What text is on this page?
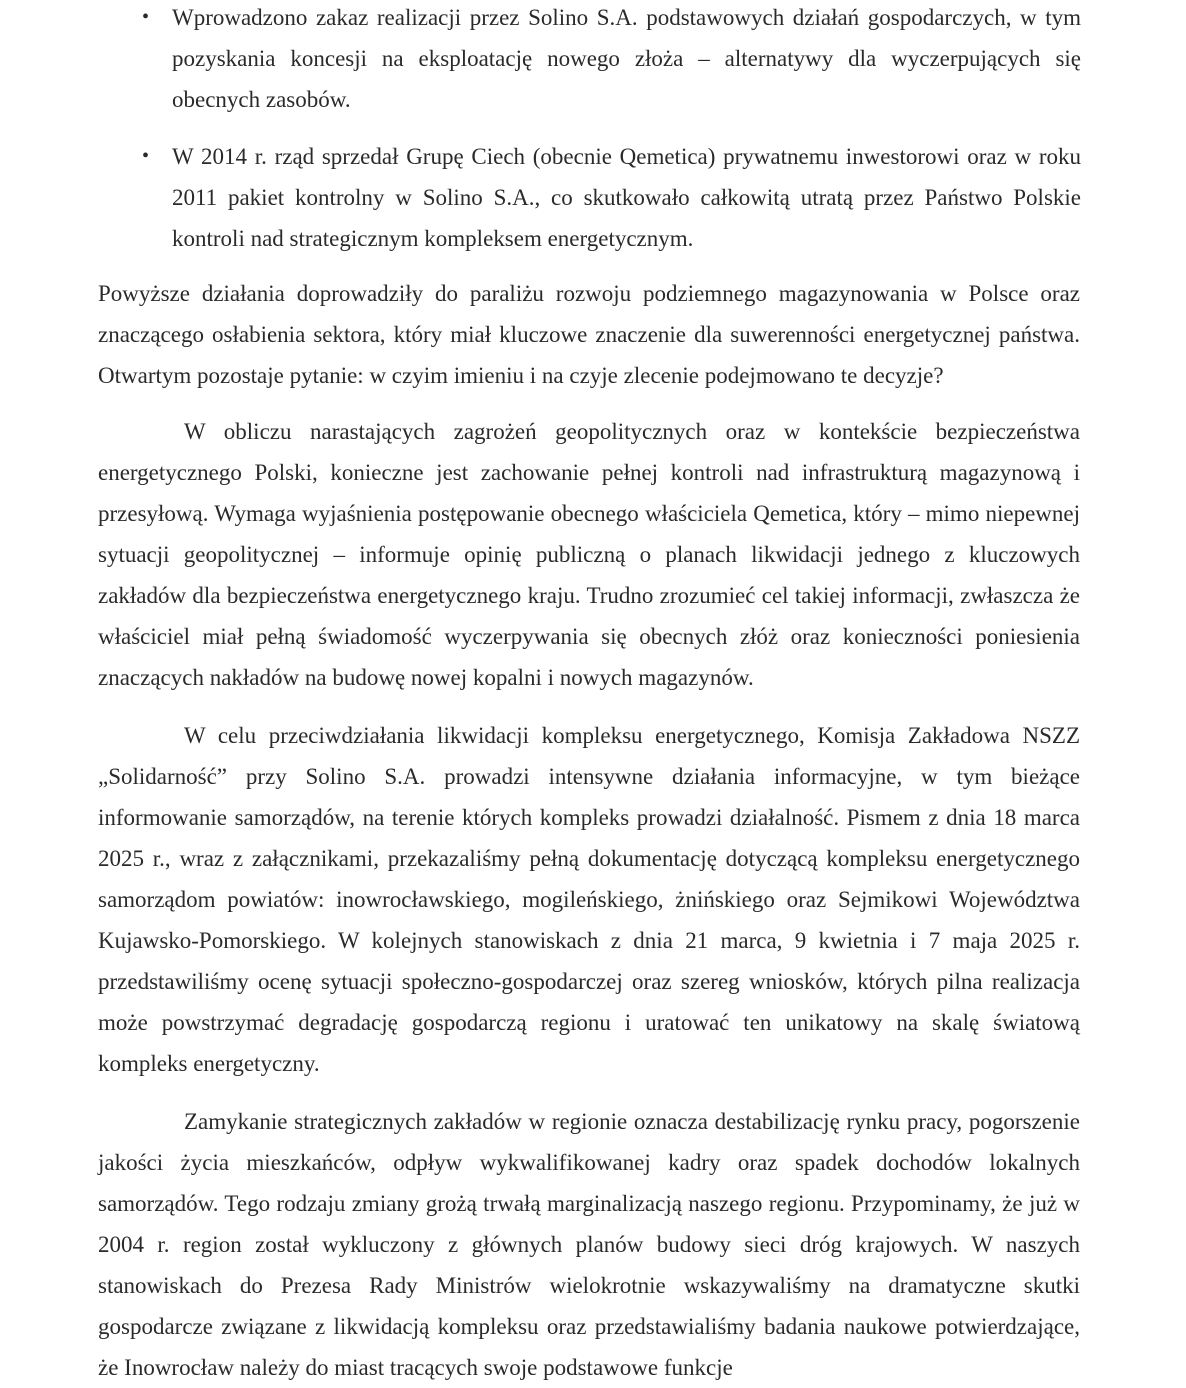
• Wprowadzono zakaz realizacji przez Solino S.A. podstawowych działań gospodarczych, w tym pozyskania koncesji na eksploatację nowego złoża – alternatywy dla wyczerpujących się obecnych zasobów.
• W 2014 r. rząd sprzedał Grupę Ciech (obecnie Qemetica) prywatnemu inwestorowi oraz w roku 2011 pakiet kontrolny w Solino S.A., co skutkowało całkowitą utratą przez Państwo Polskie kontroli nad strategicznym kompleksem energetycznym.

Powyższe działania doprowadziły do paraliżu rozwoju podziemnego magazynowania w Polsce oraz znaczącego osłabienia sektora, który miał kluczowe znaczenie dla suwerenności energetycznej państwa. Otwartym pozostaje pytanie: w czyim imieniu i na czyje zlecenie podejmowano te decyzje?

W obliczu narastających zagrożeń geopolitycznych oraz w kontekście bezpieczeństwa energetycznego Polski, konieczne jest zachowanie pełnej kontroli nad infrastrukturą magazynową i przesyłową. Wymaga wyjaśnienia postępowanie obecnego właściciela Qemetica, który – mimo niepewnej sytuacji geopolitycznej – informuje opinię publiczną o planach likwidacji jednego z kluczowych zakładów dla bezpieczeństwa energetycznego kraju. Trudno zrozumieć cel takiej informacji, zwłaszcza że właściciel miał pełną świadomość wyczerpywania się obecnych złóż oraz konieczności poniesienia znaczących nakładów na budowę nowej kopalni i nowych magazynów.

W celu przeciwdziałania likwidacji kompleksu energetycznego, Komisja Zakładowa NSZZ „Solidarność” przy Solino S.A. prowadzi intensywne działania informacyjne, w tym bieżące informowanie samorządów, na terenie których kompleks prowadzi działalność. Pismem z dnia 18 marca 2025 r., wraz z załącznikami, przekazaliśmy pełną dokumentację dotyczącą kompleksu energetycznego samorządom powiatów: inowrocławskiego, mogileńskiego, żnińskiego oraz Sejmikowi Województwa Kujawsko-Pomorskiego. W kolejnych stanowiskach z dnia 21 marca, 9 kwietnia i 7 maja 2025 r. przedstawiliśmy ocenę sytuacji społeczno-gospodarczej oraz szereg wniosków, których pilna realizacja może powstrzymać degradację gospodarczą regionu i uratować ten unikatowy na skalę światową kompleks energetyczny.

Zamykanie strategicznych zakładów w regionie oznacza destabilizację rynku pracy, pogorszenie jakości życia mieszkańców, odpływ wykwalifikowanej kadry oraz spadek dochodów lokalnych samorządów. Tego rodzaju zmiany grożą trwałą marginalizacją naszego regionu. Przypominamy, że już w 2004 r. region został wykluczony z głównych planów budowy sieci dróg krajowych. W naszych stanowiskach do Prezesa Rady Ministrów wielokrotnie wskazywaliśmy na dramatyczne skutki gospodarcze związane z likwidacją kompleksu oraz przedstawialiśmy badania naukowe potwierdzające, że Inowrocław należy do miast tracących swoje podstawowe funkcje
